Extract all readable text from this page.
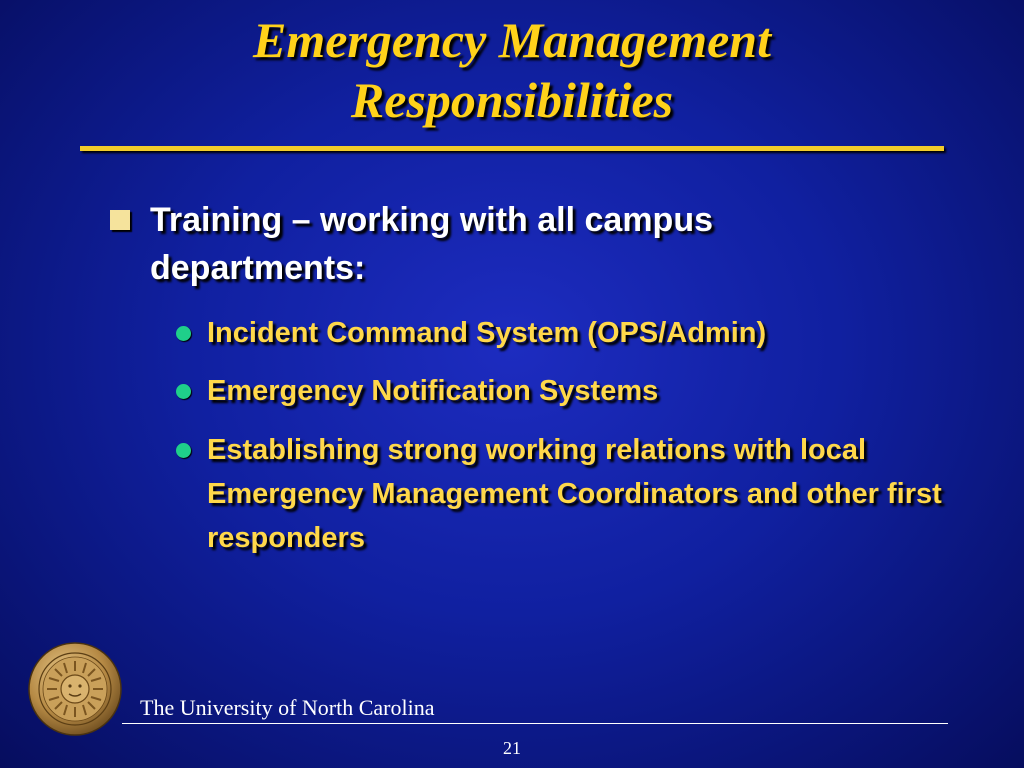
Emergency Management
Responsibilities
Training – working with all campus departments:
Incident Command System (OPS/Admin)
Emergency Notification Systems
Establishing strong working relations with local Emergency Management Coordinators and other first responders
The University of North Carolina
21
